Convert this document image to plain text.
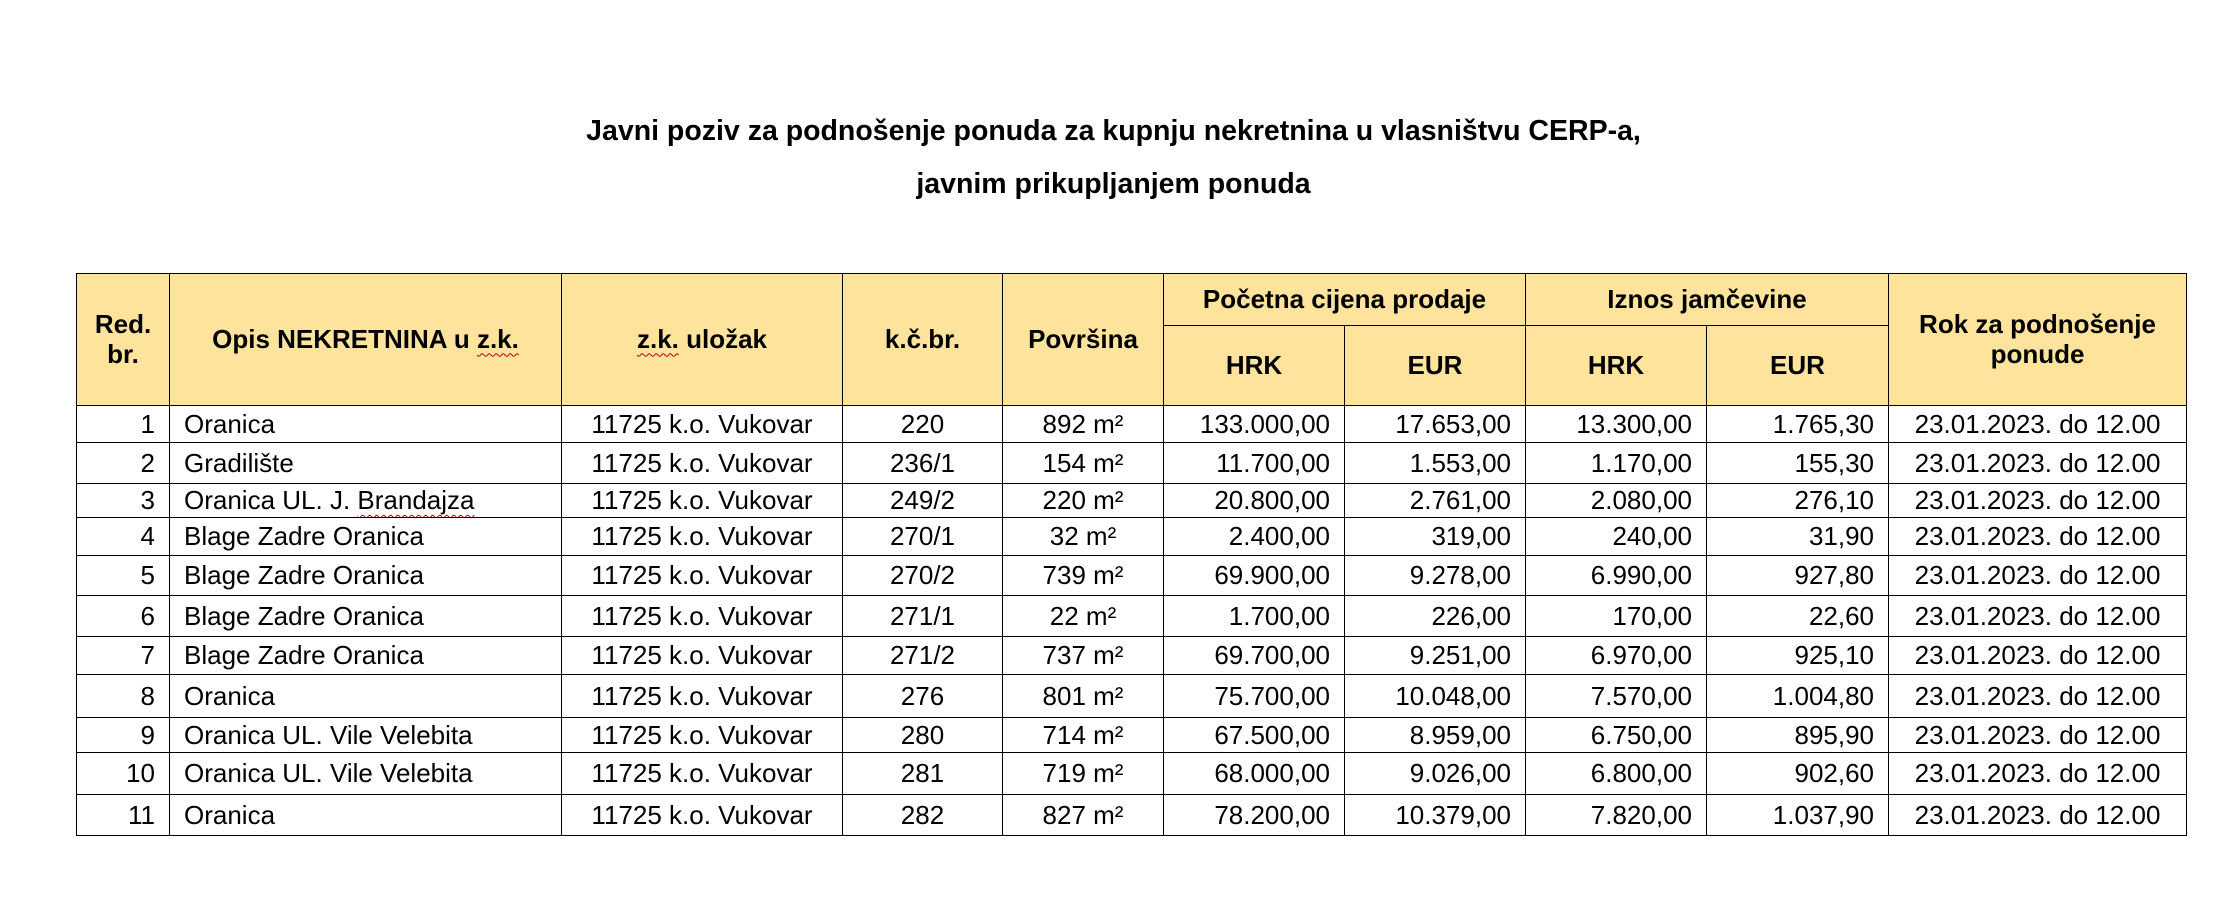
Javni poziv za podnošenje ponuda za kupnju nekretnina u vlasništvu CERP-a,
javnim prikupljanjem ponuda
Red.
br.	Opis NEKRETNINA u z.k.	z.k. uložak	k.č.br.	Površina	Početna cijena prodaje		Iznos jamčevine		Rok za podnošenje
ponude
					HRK	EUR	HRK	EUR	
1	Oranica	11725 k.o. Vukovar	220	892 m²	133.000,00	17.653,00	13.300,00	1.765,30	23.01.2023. do 12.00
2	Gradilište	11725 k.o. Vukovar	236/1	154 m²	11.700,00	1.553,00	1.170,00	155,30	23.01.2023. do 12.00
3	Oranica UL. J. Brandajza	11725 k.o. Vukovar	249/2	220 m²	20.800,00	2.761,00	2.080,00	276,10	23.01.2023. do 12.00
4	Blage Zadre Oranica	11725 k.o. Vukovar	270/1	32 m²	2.400,00	319,00	240,00	31,90	23.01.2023. do 12.00
5	Blage Zadre Oranica	11725 k.o. Vukovar	270/2	739 m²	69.900,00	9.278,00	6.990,00	927,80	23.01.2023. do 12.00
6	Blage Zadre Oranica	11725 k.o. Vukovar	271/1	22 m²	1.700,00	226,00	170,00	22,60	23.01.2023. do 12.00
7	Blage Zadre Oranica	11725 k.o. Vukovar	271/2	737 m²	69.700,00	9.251,00	6.970,00	925,10	23.01.2023. do 12.00
8	Oranica	11725 k.o. Vukovar	276	801 m²	75.700,00	10.048,00	7.570,00	1.004,80	23.01.2023. do 12.00
9	Oranica UL. Vile Velebita	11725 k.o. Vukovar	280	714 m²	67.500,00	8.959,00	6.750,00	895,90	23.01.2023. do 12.00
10	Oranica UL. Vile Velebita	11725 k.o. Vukovar	281	719 m²	68.000,00	9.026,00	6.800,00	902,60	23.01.2023. do 12.00
11	Oranica	11725 k.o. Vukovar	282	827 m²	78.200,00	10.379,00	7.820,00	1.037,90	23.01.2023. do 12.00
